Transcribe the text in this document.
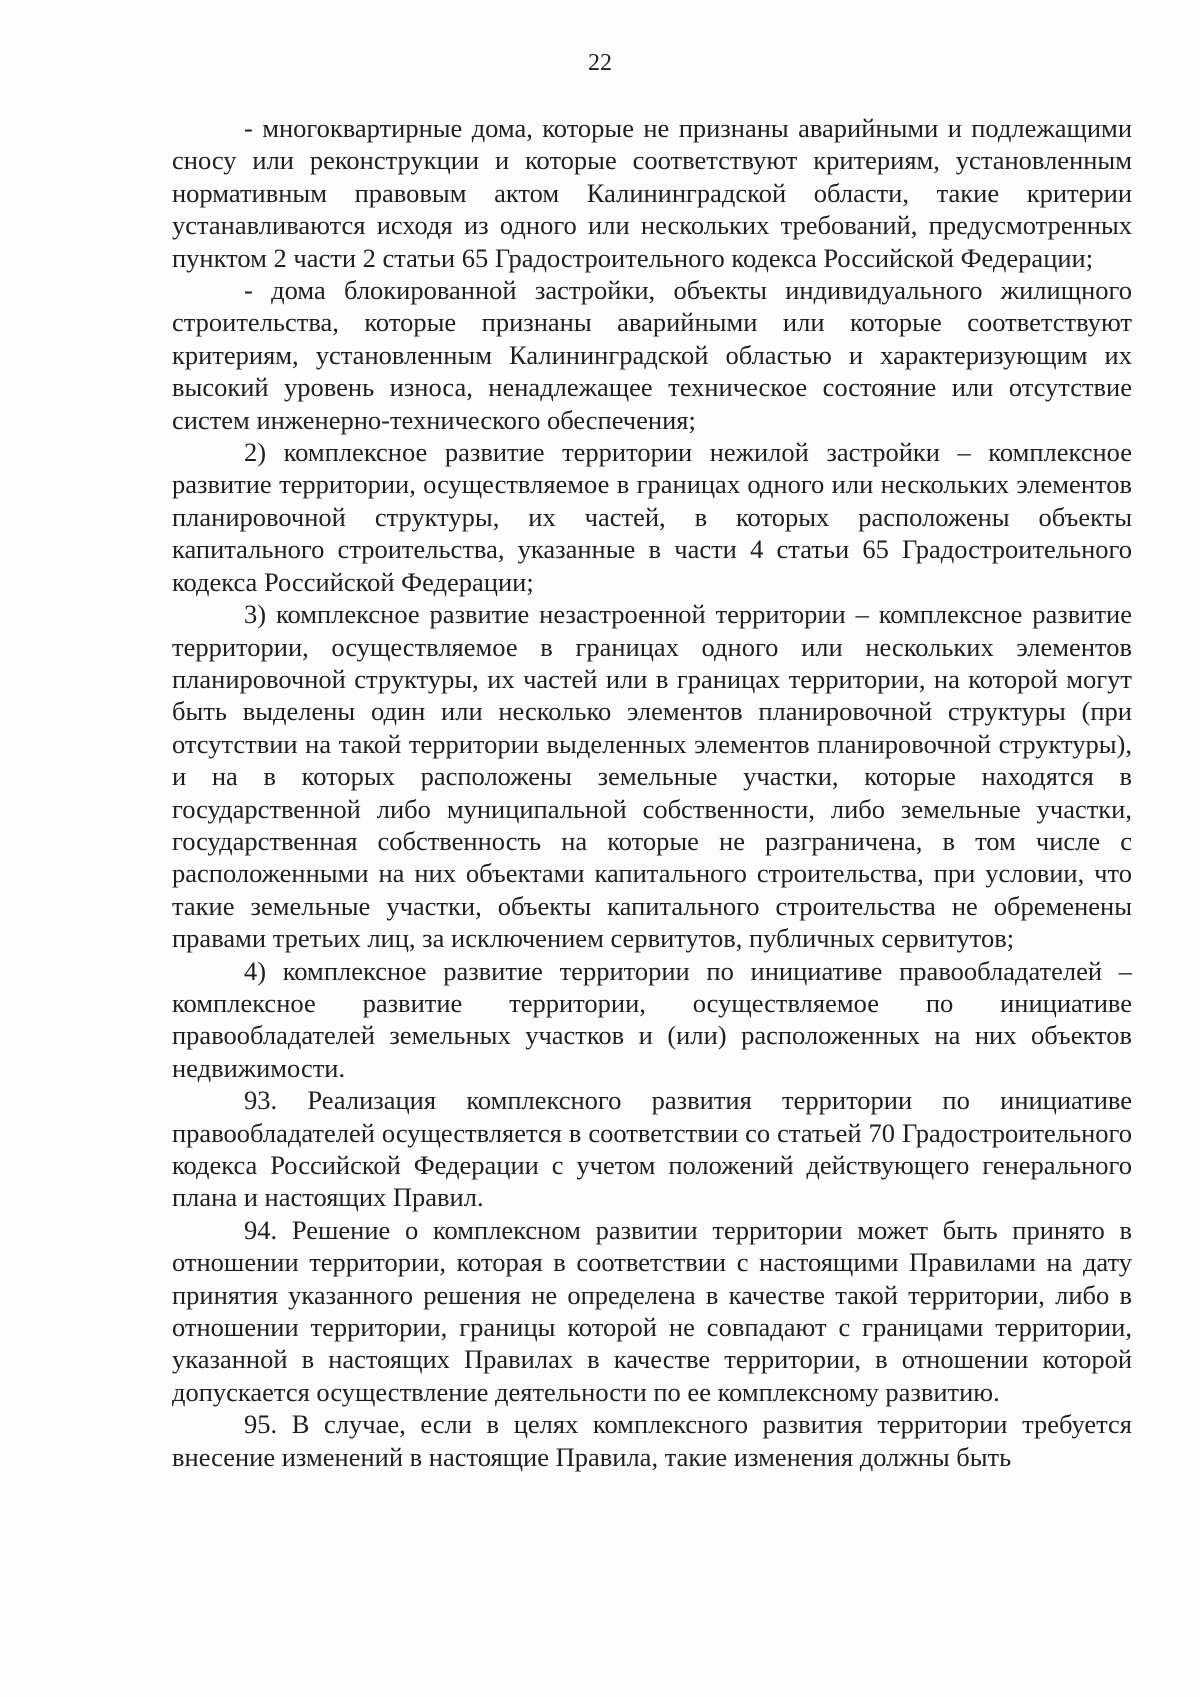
22

- многоквартирные дома, которые не признаны аварийными и подлежащими сносу или реконструкции и которые соответствуют критериям, установленным нормативным правовым актом Калининградской области, такие критерии устанавливаются исходя из одного или нескольких требований, предусмотренных пунктом 2 части 2 статьи 65 Градостроительного кодекса Российской Федерации;

- дома блокированной застройки, объекты индивидуального жилищного строительства, которые признаны аварийными или которые соответствуют критериям, установленным Калининградской областью и характеризующим их высокий уровень износа, ненадлежащее техническое состояние или отсутствие систем инженерно-технического обеспечения;

2) комплексное развитие территории нежилой застройки – комплексное развитие территории, осуществляемое в границах одного или нескольких элементов планировочной структуры, их частей, в которых расположены объекты капитального строительства, указанные в части 4 статьи 65 Градостроительного кодекса Российской Федерации;

3) комплексное развитие незастроенной территории – комплексное развитие территории, осуществляемое в границах одного или нескольких элементов планировочной структуры, их частей или в границах территории, на которой могут быть выделены один или несколько элементов планировочной структуры (при отсутствии на такой территории выделенных элементов планировочной структуры), и на в которых расположены земельные участки, которые находятся в государственной либо муниципальной собственности, либо земельные участки, государственная собственность на которые не разграничена, в том числе с расположенными на них объектами капитального строительства, при условии, что такие земельные участки, объекты капитального строительства не обременены правами третьих лиц, за исключением сервитутов, публичных сервитутов;

4) комплексное развитие территории по инициативе правообладателей – комплексное развитие территории, осуществляемое по инициативе правообладателей земельных участков и (или) расположенных на них объектов недвижимости.

93. Реализация комплексного развития территории по инициативе правообладателей осуществляется в соответствии со статьей 70 Градостроительного кодекса Российской Федерации с учетом положений действующего генерального плана и настоящих Правил.

94. Решение о комплексном развитии территории может быть принято в отношении территории, которая в соответствии с настоящими Правилами на дату принятия указанного решения не определена в качестве такой территории, либо в отношении территории, границы которой не совпадают с границами территории, указанной в настоящих Правилах в качестве территории, в отношении которой допускается осуществление деятельности по ее комплексному развитию.

95. В случае, если в целях комплексного развития территории требуется внесение изменений в настоящие Правила, такие изменения должны быть
